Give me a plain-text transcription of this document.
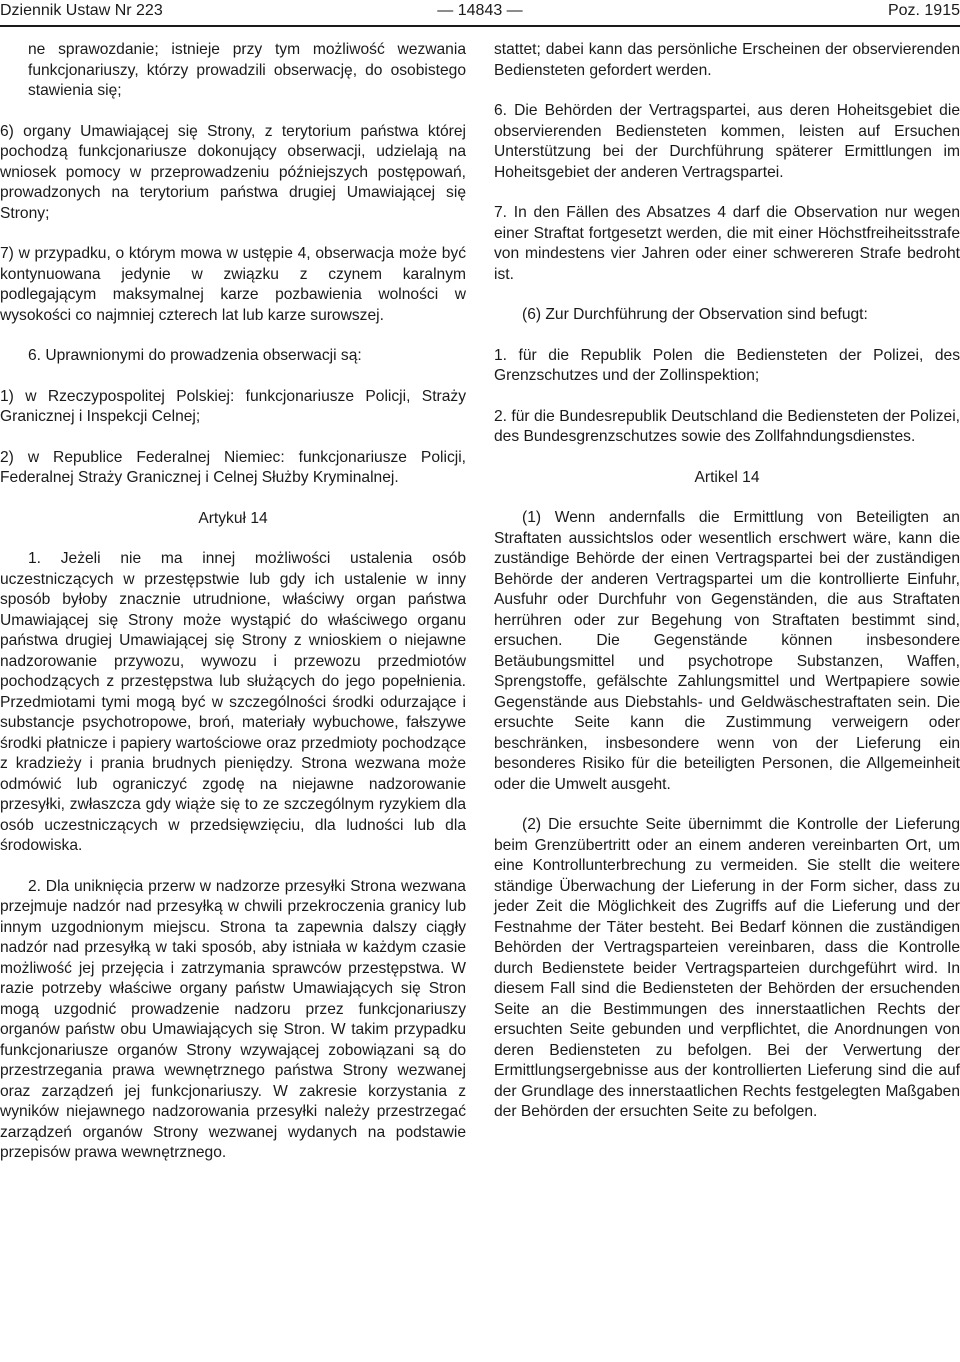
Dziennik Ustaw Nr 223	— 14843 —	Poz. 1915

ne sprawozdanie; istnieje przy tym możliwość wezwania funkcjonariuszy, którzy prowadzili obserwację, do osobistego stawienia się;

6) organy Umawiającej się Strony, z terytorium państwa której pochodzą funkcjonariusze dokonujący obserwacji, udzielają na wniosek pomocy w przeprowadzeniu późniejszych postępowań, prowadzonych na terytorium państwa drugiej Umawiającej się Strony;

7) w przypadku, o którym mowa w ustępie 4, obserwacja może być kontynuowana jedynie w związku z czynem karalnym podlegającym maksymalnej karze pozbawienia wolności w wysokości co najmniej czterech lat lub karze surowszej.

6. Uprawnionymi do prowadzenia obserwacji są:

1) w Rzeczypospolitej Polskiej: funkcjonariusze Policji, Straży Granicznej i Inspekcji Celnej;

2) w Republice Federalnej Niemiec: funkcjonariusze Policji, Federalnej Straży Granicznej i Celnej Służby Kryminalnej.

Artykuł 14

1. Jeżeli nie ma innej możliwości ustalenia osób uczestniczących w przestępstwie lub gdy ich ustalenie w inny sposób byłoby znacznie utrudnione, właściwy organ państwa Umawiającej się Strony może wystąpić do właściwego organu państwa drugiej Umawiającej się Strony z wnioskiem o niejawne nadzorowanie przywozu, wywozu i przewozu przedmiotów pochodzących z przestępstwa lub służących do jego popełnienia. Przedmiotami tymi mogą być w szczególności środki odurzające i substancje psychotropowe, broń, materiały wybuchowe, fałszywe środki płatnicze i papiery wartościowe oraz przedmioty pochodzące z kradzieży i prania brudnych pieniędzy. Strona wezwana może odmówić lub ograniczyć zgodę na niejawne nadzorowanie przesyłki, zwłaszcza gdy wiąże się to ze szczególnym ryzykiem dla osób uczestniczących w przedsięwzięciu, dla ludności lub dla środowiska.

2. Dla uniknięcia przerw w nadzorze przesyłki Strona wezwana przejmuje nadzór nad przesyłką w chwili przekroczenia granicy lub innym uzgodnionym miejscu. Strona ta zapewnia dalszy ciągły nadzór nad przesyłką w taki sposób, aby istniała w każdym czasie możliwość jej przejęcia i zatrzymania sprawców przestępstwa. W razie potrzeby właściwe organy państw Umawiających się Stron mogą uzgodnić prowadzenie nadzoru przez funkcjonariuszy organów państw obu Umawiających się Stron. W takim przypadku funkcjonariusze organów Strony wzywającej zobowiązani są do przestrzegania prawa wewnętrznego państwa Strony wezwanej oraz zarządzeń jej funkcjonariuszy. W zakresie korzystania z wyników niejawnego nadzorowania przesyłki należy przestrzegać zarządzeń organów Strony wezwanej wydanych na podstawie przepisów prawa wewnętrznego.

stattet; dabei kann das persönliche Erscheinen der observierenden Bediensteten gefordert werden.

6. Die Behörden der Vertragspartei, aus deren Hoheitsgebiet die observierenden Bediensteten kommen, leisten auf Ersuchen Unterstützung bei der Durchführung späterer Ermittlungen im Hoheitsgebiet der anderen Vertragspartei.

7. In den Fällen des Absatzes 4 darf die Observation nur wegen einer Straftat fortgesetzt werden, die mit einer Höchstfreiheitsstrafe von mindestens vier Jahren oder einer schwereren Strafe bedroht ist.

(6) Zur Durchführung der Observation sind befugt:

1. für die Republik Polen die Bediensteten der Polizei, des Grenzschutzes und der Zollinspektion;

2. für die Bundesrepublik Deutschland die Bediensteten der Polizei, des Bundesgrenzschutzes sowie des Zollfahndungsdienstes.

Artikel 14

(1) Wenn andernfalls die Ermittlung von Beteiligten an Straftaten aussichtslos oder wesentlich erschwert wäre, kann die zuständige Behörde der einen Vertragspartei bei der zuständigen Behörde der anderen Vertragspartei um die kontrollierte Einfuhr, Ausfuhr oder Durchfuhr von Gegenständen, die aus Straftaten herrühren oder zur Begehung von Straftaten bestimmt sind, ersuchen. Die Gegenstände können insbesondere Betäubungsmittel und psychotrope Substanzen, Waffen, Sprengstoffe, gefälschte Zahlungsmittel und Wertpapiere sowie Gegenstände aus Diebstahls- und Geldwäschestraftaten sein. Die ersuchte Seite kann die Zustimmung verweigern oder beschränken, insbesondere wenn von der Lieferung ein besonderes Risiko für die beteiligten Personen, die Allgemeinheit oder die Umwelt ausgeht.

(2) Die ersuchte Seite übernimmt die Kontrolle der Lieferung beim Grenzübertritt oder an einem anderen vereinbarten Ort, um eine Kontrollunterbrechung zu vermeiden. Sie stellt die weitere ständige Überwachung der Lieferung in der Form sicher, dass zu jeder Zeit die Möglichkeit des Zugriffs auf die Lieferung und der Festnahme der Täter besteht. Bei Bedarf können die zuständigen Behörden der Vertragsparteien vereinbaren, dass die Kontrolle durch Bedienstete beider Vertragsparteien durchgeführt wird. In diesem Fall sind die Bediensteten der Behörden der ersuchenden Seite an die Bestimmungen des innerstaatlichen Rechts der ersuchten Seite gebunden und verpflichtet, die Anordnungen von deren Bediensteten zu befolgen. Bei der Verwertung der Ermittlungsergebnisse aus der kontrollierten Lieferung sind die auf der Grundlage des innerstaatlichen Rechts festgelegten Maßgaben der Behörden der ersuchten Seite zu befolgen.
